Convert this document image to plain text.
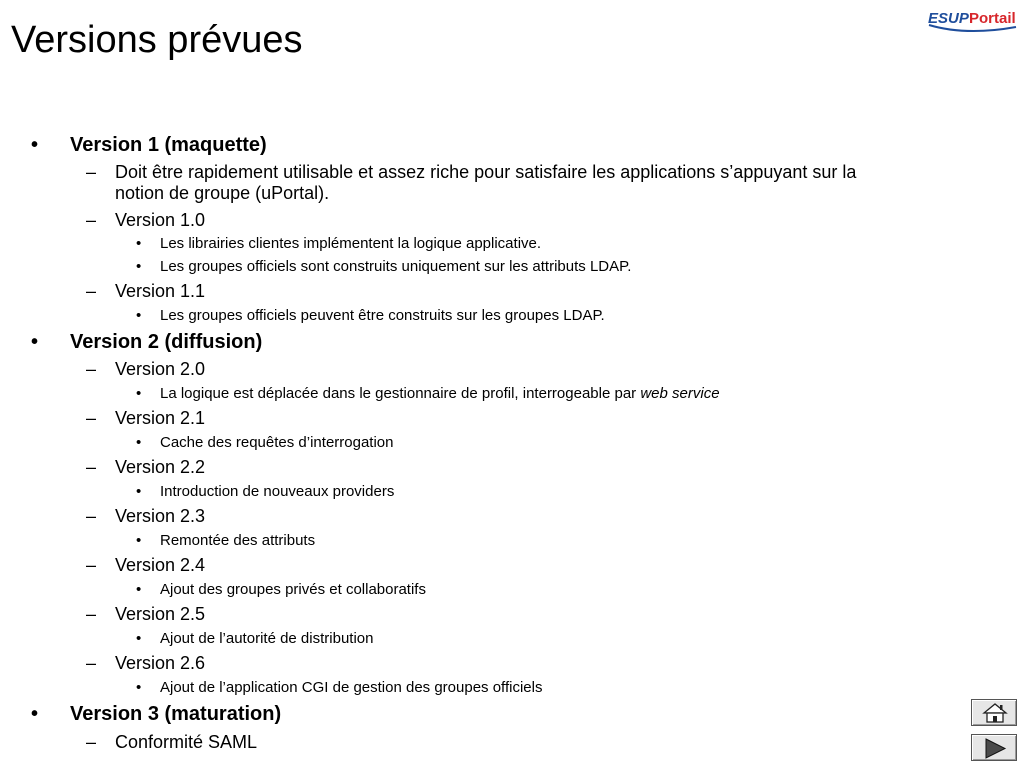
Versions prévues
ESUP Portail
• Version 1 (maquette)
– Doit être rapidement utilisable et assez riche pour satisfaire les applications s’appuyant sur la
notion de groupe (uPortal).
– Version 1.0
• Les librairies clientes implémentent la logique applicative.
• Les groupes officiels sont construits uniquement sur les attributs LDAP.
– Version 1.1
• Les groupes officiels peuvent être construits sur les groupes LDAP.
• Version 2 (diffusion)
– Version 2.0
• La logique est déplacée dans le gestionnaire de profil, interrogeable par web service
– Version 2.1
• Cache des requêtes d’interrogation
– Version 2.2
• Introduction de nouveaux providers
– Version 2.3
• Remontée des attributs
– Version 2.4
• Ajout des groupes privés et collaboratifs
– Version 2.5
• Ajout de l’autorité de distribution
– Version 2.6
• Ajout de l’application CGI de gestion des groupes officiels
• Version 3 (maturation)
– Conformité SAML
